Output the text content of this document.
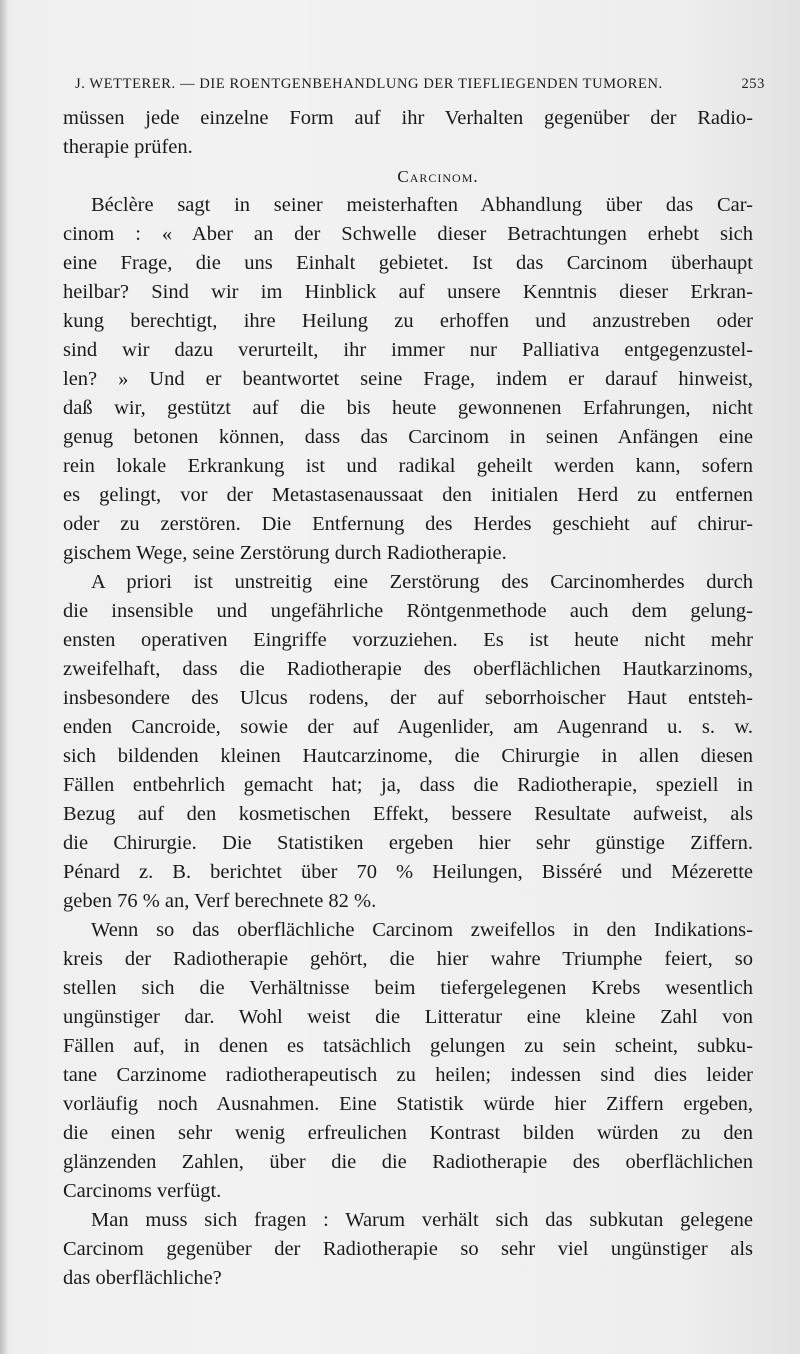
J. WETTERER. — DIE ROENTGENBEHANDLUNG DER TIEFLIEGENDEN TUMOREN.	253
müssen jede einzelne Form auf ihr Verhalten gegenüber der Radio-
therapie prüfen.
Carcinom.
Béclère sagt in seiner meisterhaften Abhandlung über das Car-
cinom : « Aber an der Schwelle dieser Betrachtungen erhebt sich
eine Frage, die uns Einhalt gebietet. Ist das Carcinom überhaupt
heilbar? Sind wir im Hinblick auf unsere Kenntnis dieser Erkran-
kung berechtigt, ihre Heilung zu erhoffen und anzustreben oder
sind wir dazu verurteilt, ihr immer nur Palliativa entgegenzustel-
len? » Und er beantwortet seine Frage, indem er darauf hinweist,
daß wir, gestützt auf die bis heute gewonnenen Erfahrungen, nicht
genug betonen können, dass das Carcinom in seinen Anfängen eine
rein lokale Erkrankung ist und radikal geheilt werden kann, sofern
es gelingt, vor der Metastasenaussaat den initialen Herd zu entfernen
oder zu zerstören. Die Entfernung des Herdes geschieht auf chirur-
gischem Wege, seine Zerstörung durch Radiotherapie.
A priori ist unstreitig eine Zerstörung des Carcinomherdes durch
die insensible und ungefährliche Röntgenmethode auch dem gelung-
ensten operativen Eingriffe vorzuziehen. Es ist heute nicht mehr
zweifelhaft, dass die Radiotherapie des oberflächlichen Hautkarzinoms,
insbesondere des Ulcus rodens, der auf seborrhoischer Haut entsteh-
enden Cancroide, sowie der auf Augenlider, am Augenrand u. s. w.
sich bildenden kleinen Hautcarzinome, die Chirurgie in allen diesen
Fällen entbehrlich gemacht hat; ja, dass die Radiotherapie, speziell in
Bezug auf den kosmetischen Effekt, bessere Resultate aufweist, als
die Chirurgie. Die Statistiken ergeben hier sehr günstige Ziffern.
Pénard z. B. berichtet über 70 % Heilungen, Bisséré und Mézerette
geben 76 % an, Verf berechnete 82 %.
Wenn so das oberflächliche Carcinom zweifellos in den Indikations-
kreis der Radiotherapie gehört, die hier wahre Triumphe feiert, so
stellen sich die Verhältnisse beim tiefergelegenen Krebs wesentlich
ungünstiger dar. Wohl weist die Litteratur eine kleine Zahl von
Fällen auf, in denen es tatsächlich gelungen zu sein scheint, subku-
tane Carzinome radiotherapeutisch zu heilen; indessen sind dies leider
vorläufig noch Ausnahmen. Eine Statistik würde hier Ziffern ergeben,
die einen sehr wenig erfreulichen Kontrast bilden würden zu den
glänzenden Zahlen, über die die Radiotherapie des oberflächlichen
Carcinoms verfügt.
Man muss sich fragen : Warum verhält sich das subkutan gelegene
Carcinom gegenüber der Radiotherapie so sehr viel ungünstiger als
das oberflächliche?
